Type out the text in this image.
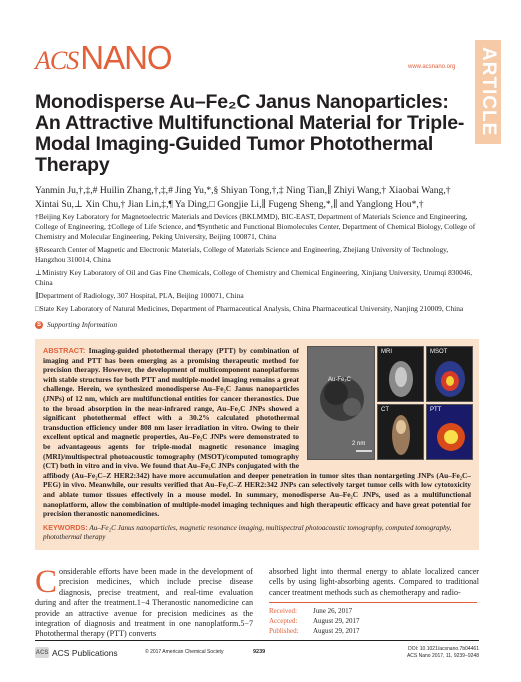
ACS NANO	www.acsnano.org ARTICLE
Monodisperse Au–Fe₂C Janus Nanoparticles: An Attractive Multifunctional Material for Triple-Modal Imaging-Guided Tumor Photothermal Therapy
Yanmin Ju,†,‡,# Huilin Zhang,†,‡,# Jing Yu,*,§ Shiyan Tong,†,‡ Ning Tian,∥ Zhiyi Wang,† Xiaobai Wang,† Xintai Su,⊥ Xin Chu,† Jian Lin,‡,¶ Ya Ding,□ Gongjie Li,∥ Fugeng Sheng,*,∥ and Yanglong Hou*,†

†Beijing Key Laboratory for Magnetoelectric Materials and Devices (BKLMMD), BIC-EAST, Department of Materials Science and Engineering, College of Engineering, ‡College of Life Science, and ¶Synthetic and Functional Biomolecules Center, Department of Chemical Biology, College of Chemistry and Molecular Engineering, Peking University, Beijing 100871, China

§Research Center of Magnetic and Electronic Materials, College of Materials Science and Engineering, Zhejiang University of Technology, Hangzhou 310014, China

⊥Ministry Key Laboratory of Oil and Gas Fine Chemicals, College of Chemistry and Chemical Engineering, Xinjiang University, Urumqi 830046, China

∥Department of Radiology, 307 Hospital, PLA, Beijing 100071, China

□State Key Laboratory of Natural Medicines, Department of Pharmaceutical Analysis, China Pharmaceutical University, Nanjing 210009, China

S Supporting Information

ABSTRACT: Imaging-guided photothermal therapy (PTT) by combination of imaging and PTT has been emerging as a promising therapeutic method for precision therapy. However, the development of multicomponent nanoplatforms with stable structures for both PTT and multiple-model imaging remains a great challenge. Herein, we synthesized monodisperse Au–Fe₂C Janus nanoparticles (JNPs) of 12 nm, which are multifunctional entities for cancer theranostics. Due to the broad absorption in the near-infrared range, Au–Fe₂C JNPs showed a significant photothermal effect with a 30.2% calculated photothermal transduction efficiency under 808 nm laser irradiation in vitro. Owing to their excellent optical and magnetic properties, Au–Fe₂C JNPs were demonstrated to be advantageous agents for triple-modal magnetic resonance imaging (MRI)/multispectral photoacoustic tomography (MSOT)/computed tomography (CT) both in vitro and in vivo. We found that Au–Fe₂C JNPs conjugated with the affibody (Au–Fe₂C–Z HER2:342) have more accumulation and deeper penetration in tumor sites than nontargeting JNPs (Au–Fe₂C–PEG) in vivo. Meanwhile, our results verified that Au–Fe₂C–Z HER2:342 JNPs can selectively target tumor cells with low cytotoxicity and ablate tumor tissues effectively in a mouse model. In summary, monodisperse Au–Fe₂C JNPs, used as a multifunctional nanoplatform, allow the combination of multiple-model imaging techniques and high therapeutic efficacy and have great potential for precision theranostic nanomedicines.

KEYWORDS: Au–Fe₂C Janus nanoparticles, magnetic resonance imaging, multispectral photoacoustic tomography, computed tomography, photothermal therapy

Au-Fe₂C
2 nm
MRI	MSOT
CT	PTT
Considerable efforts have been made in the development of precision medicines, which include precise disease diagnosis, precise treatment, and real-time evaluation during and after the treatment.1−4 Theranostic nanomedicine can provide an attractive avenue for precision medicines as the integration of diagnosis and treatment in one nanoplatform.5−7 Photothermal therapy (PTT) converts
absorbed light into thermal energy to ablate localized cancer cells by using light-absorbing agents. Compared to traditional cancer treatment methods such as chemotherapy and radio-
Received:	June 26, 2017
Accepted:	August 29, 2017
Published:	August 29, 2017
ACS ACS Publications	© 2017 American Chemical Society	9239	DOI: 10.1021/acsnano.7b04461
ACS Nano 2017, 11, 9239−9248
